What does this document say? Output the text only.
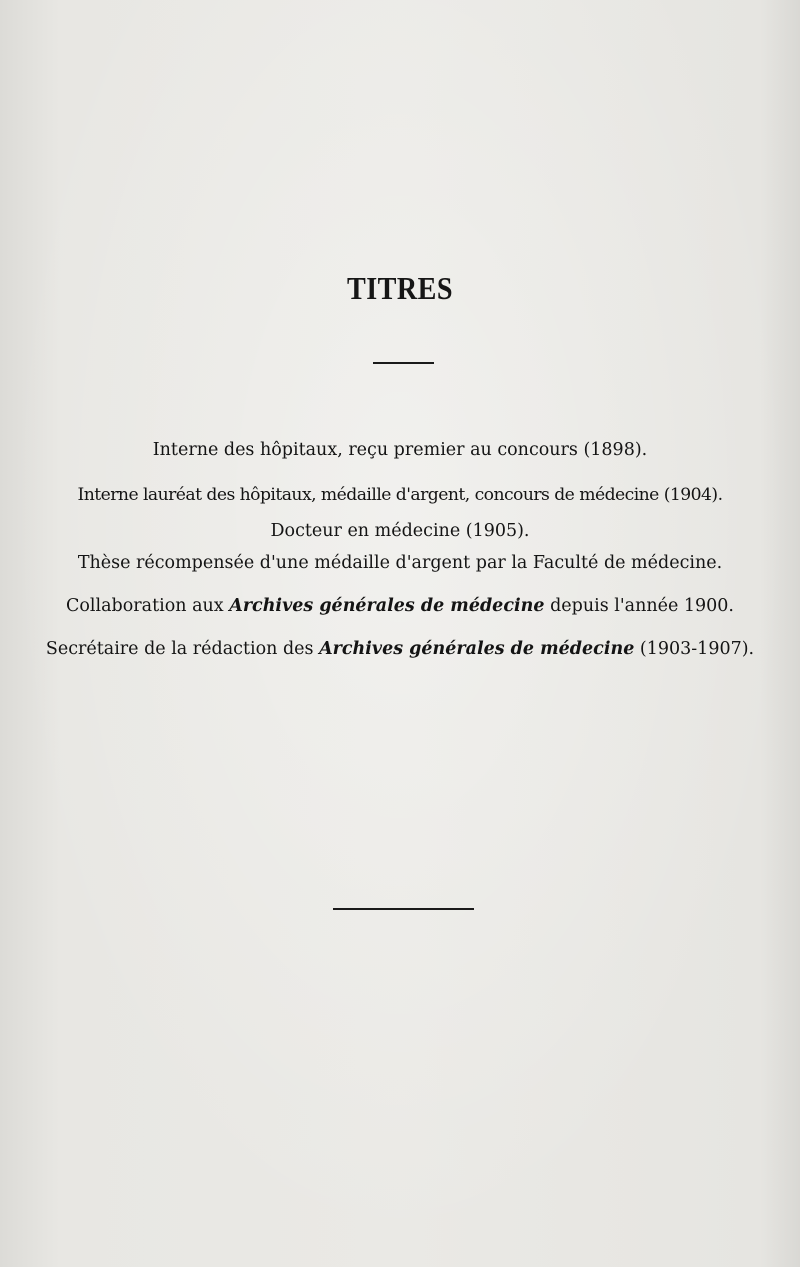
TITRES
Interne des hôpitaux, reçu premier au concours (1898).
Interne lauréat des hôpitaux, médaille d'argent, concours de médecine (1904).
Docteur en médecine (1905).
Thèse récompensée d'une médaille d'argent par la Faculté de médecine.
Collaboration aux Archives générales de médecine depuis l'année 1900.
Secrétaire de la rédaction des Archives générales de médecine (1903-1907).
